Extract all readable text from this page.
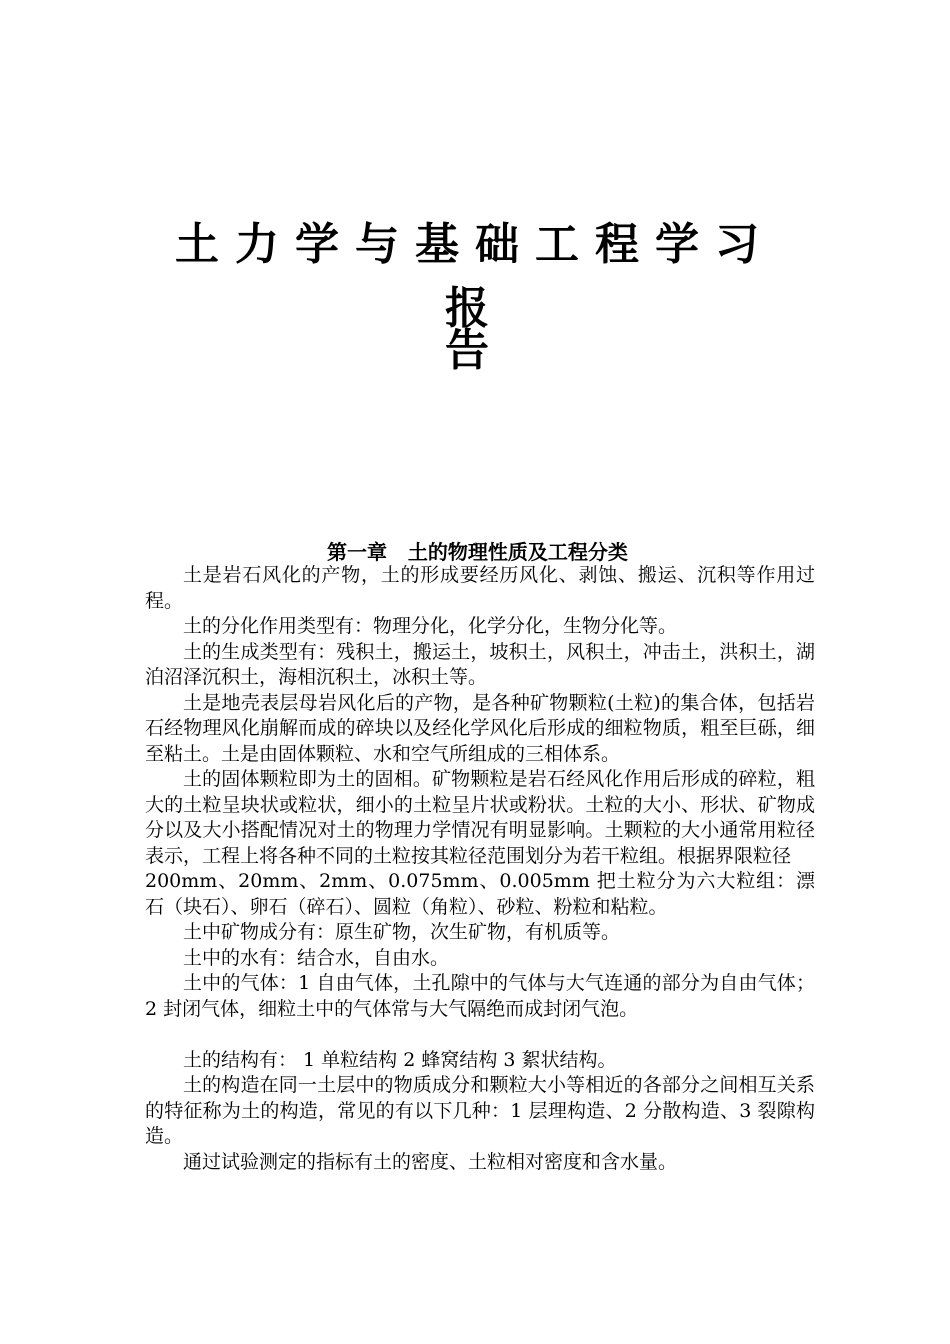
土力学与基础工程学习报
告
第一章   土的物理性质及工程分类

土是岩石风化的产物，土的形成要经历风化、剥蚀、搬运、沉积等作用过程。

土的分化作用类型有：物理分化，化学分化，生物分化等。

土的生成类型有：残积土，搬运土，坡积土，风积土，冲击土，洪积土，湖泊沼泽沉积土，海相沉积土，冰积土等。

土是地壳表层母岩风化后的产物，是各种矿物颗粒(土粒)的集合体，包括岩石经物理风化崩解而成的碎块以及经化学风化后形成的细粒物质，粗至巨砾，细至粘土。土是由固体颗粒、水和空气所组成的三相体系。

土的固体颗粒即为土的固相。矿物颗粒是岩石经风化作用后形成的碎粒，粗大的土粒呈块状或粒状，细小的土粒呈片状或粉状。土粒的大小、形状、矿物成分以及大小搭配情况对土的物理力学情况有明显影响。土颗粒的大小通常用粒径表示，工程上将各种不同的土粒按其粒径范围划分为若干粒组。根据界限粒径

200mm、20mm、2mm、0.075mm、0.005mm 把土粒分为六大粒组：漂石（块石）、卵石（碎石）、圆粒（角粒）、砂粒、粉粒和粘粒。

土中矿物成分有：原生矿物，次生矿物，有机质等。

土中的水有：结合水，自由水。

土中的气体：1 自由气体，土孔隙中的气体与大气连通的部分为自由气体；2 封闭气体，细粒土中的气体常与大气隔绝而成封闭气泡。

土的结构有： 1 单粒结构 2 蜂窝结构 3 絮状结构。

土的构造在同一土层中的物质成分和颗粒大小等相近的各部分之间相互关系的特征称为土的构造，常见的有以下几种：1 层理构造、2 分散构造、3 裂隙构造。

通过试验测定的指标有土的密度、土粒相对密度和含水量。
